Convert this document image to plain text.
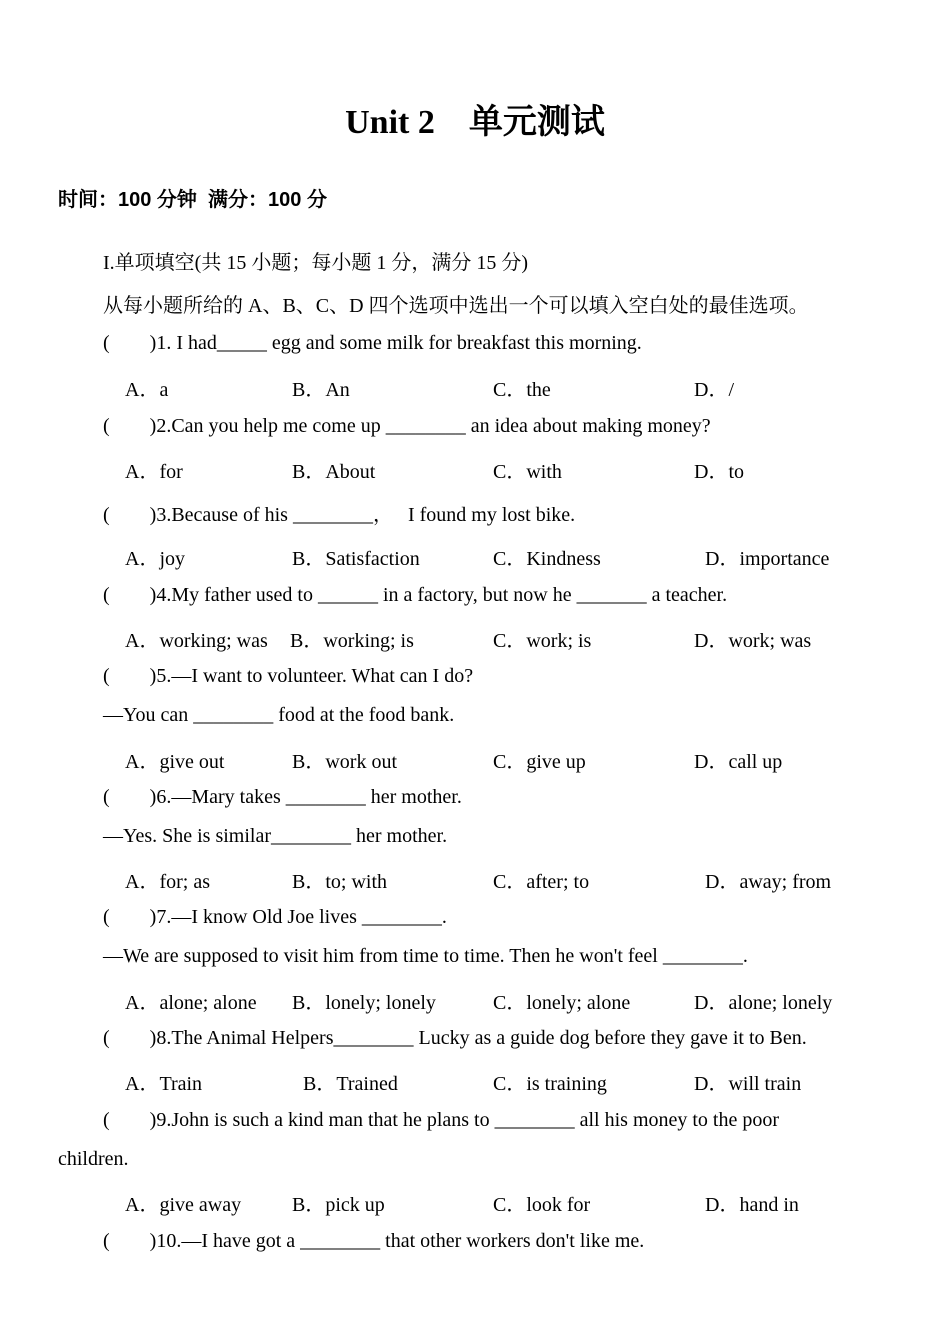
Unit 2　单元测试
时间：100 分钟  满分：100 分
I.单项填空(共 15 小题；每小题 1 分，满分 15 分)
从每小题所给的 A、B、C、D 四个选项中选出一个可以填入空白处的最佳选项。
(        )1. I had_____ egg and some milk for breakfast this morning.
A．a	B．An	C．the	D．/
(        )2.Can you help me come up ________ an idea about making money?
A．for	B．About	C．with	D．to
(        )3.Because of his ________，   I found my lost bike.
A．joy	B．Satisfaction	C．Kindness	D．importance
(        )4.My father used to ______ in a factory, but now he _______ a teacher.
A．working; was B．working; is	C．work; is	D．work; was
(        )5.—I want to volunteer. What can I do?
—You can ________ food at the food bank.
A．give out	B．work out	C．give up	D．call up
(        )6.—Mary takes ________ her mother.
—Yes. She is similar________ her mother.
A．for; as	B．to; with	C．after; to	D．away; from
(        )7.—I know Old Joe lives ________.
—We are supposed to visit him from time to time. Then he won't feel ________.
A．alone; alone B．lonely; lonely	C．lonely; alone	D．alone; lonely
(        )8.The Animal Helpers________ Lucky as a guide dog before they gave it to Ben.
A．Train	B．Trained	C．is training	D．will train
(        )9.John is such a kind man that he plans to ________ all his money to the poor
children.
A．give away	B．pick up	C．look for	D．hand in
(        )10.—I have got a ________ that other workers don't like me.
